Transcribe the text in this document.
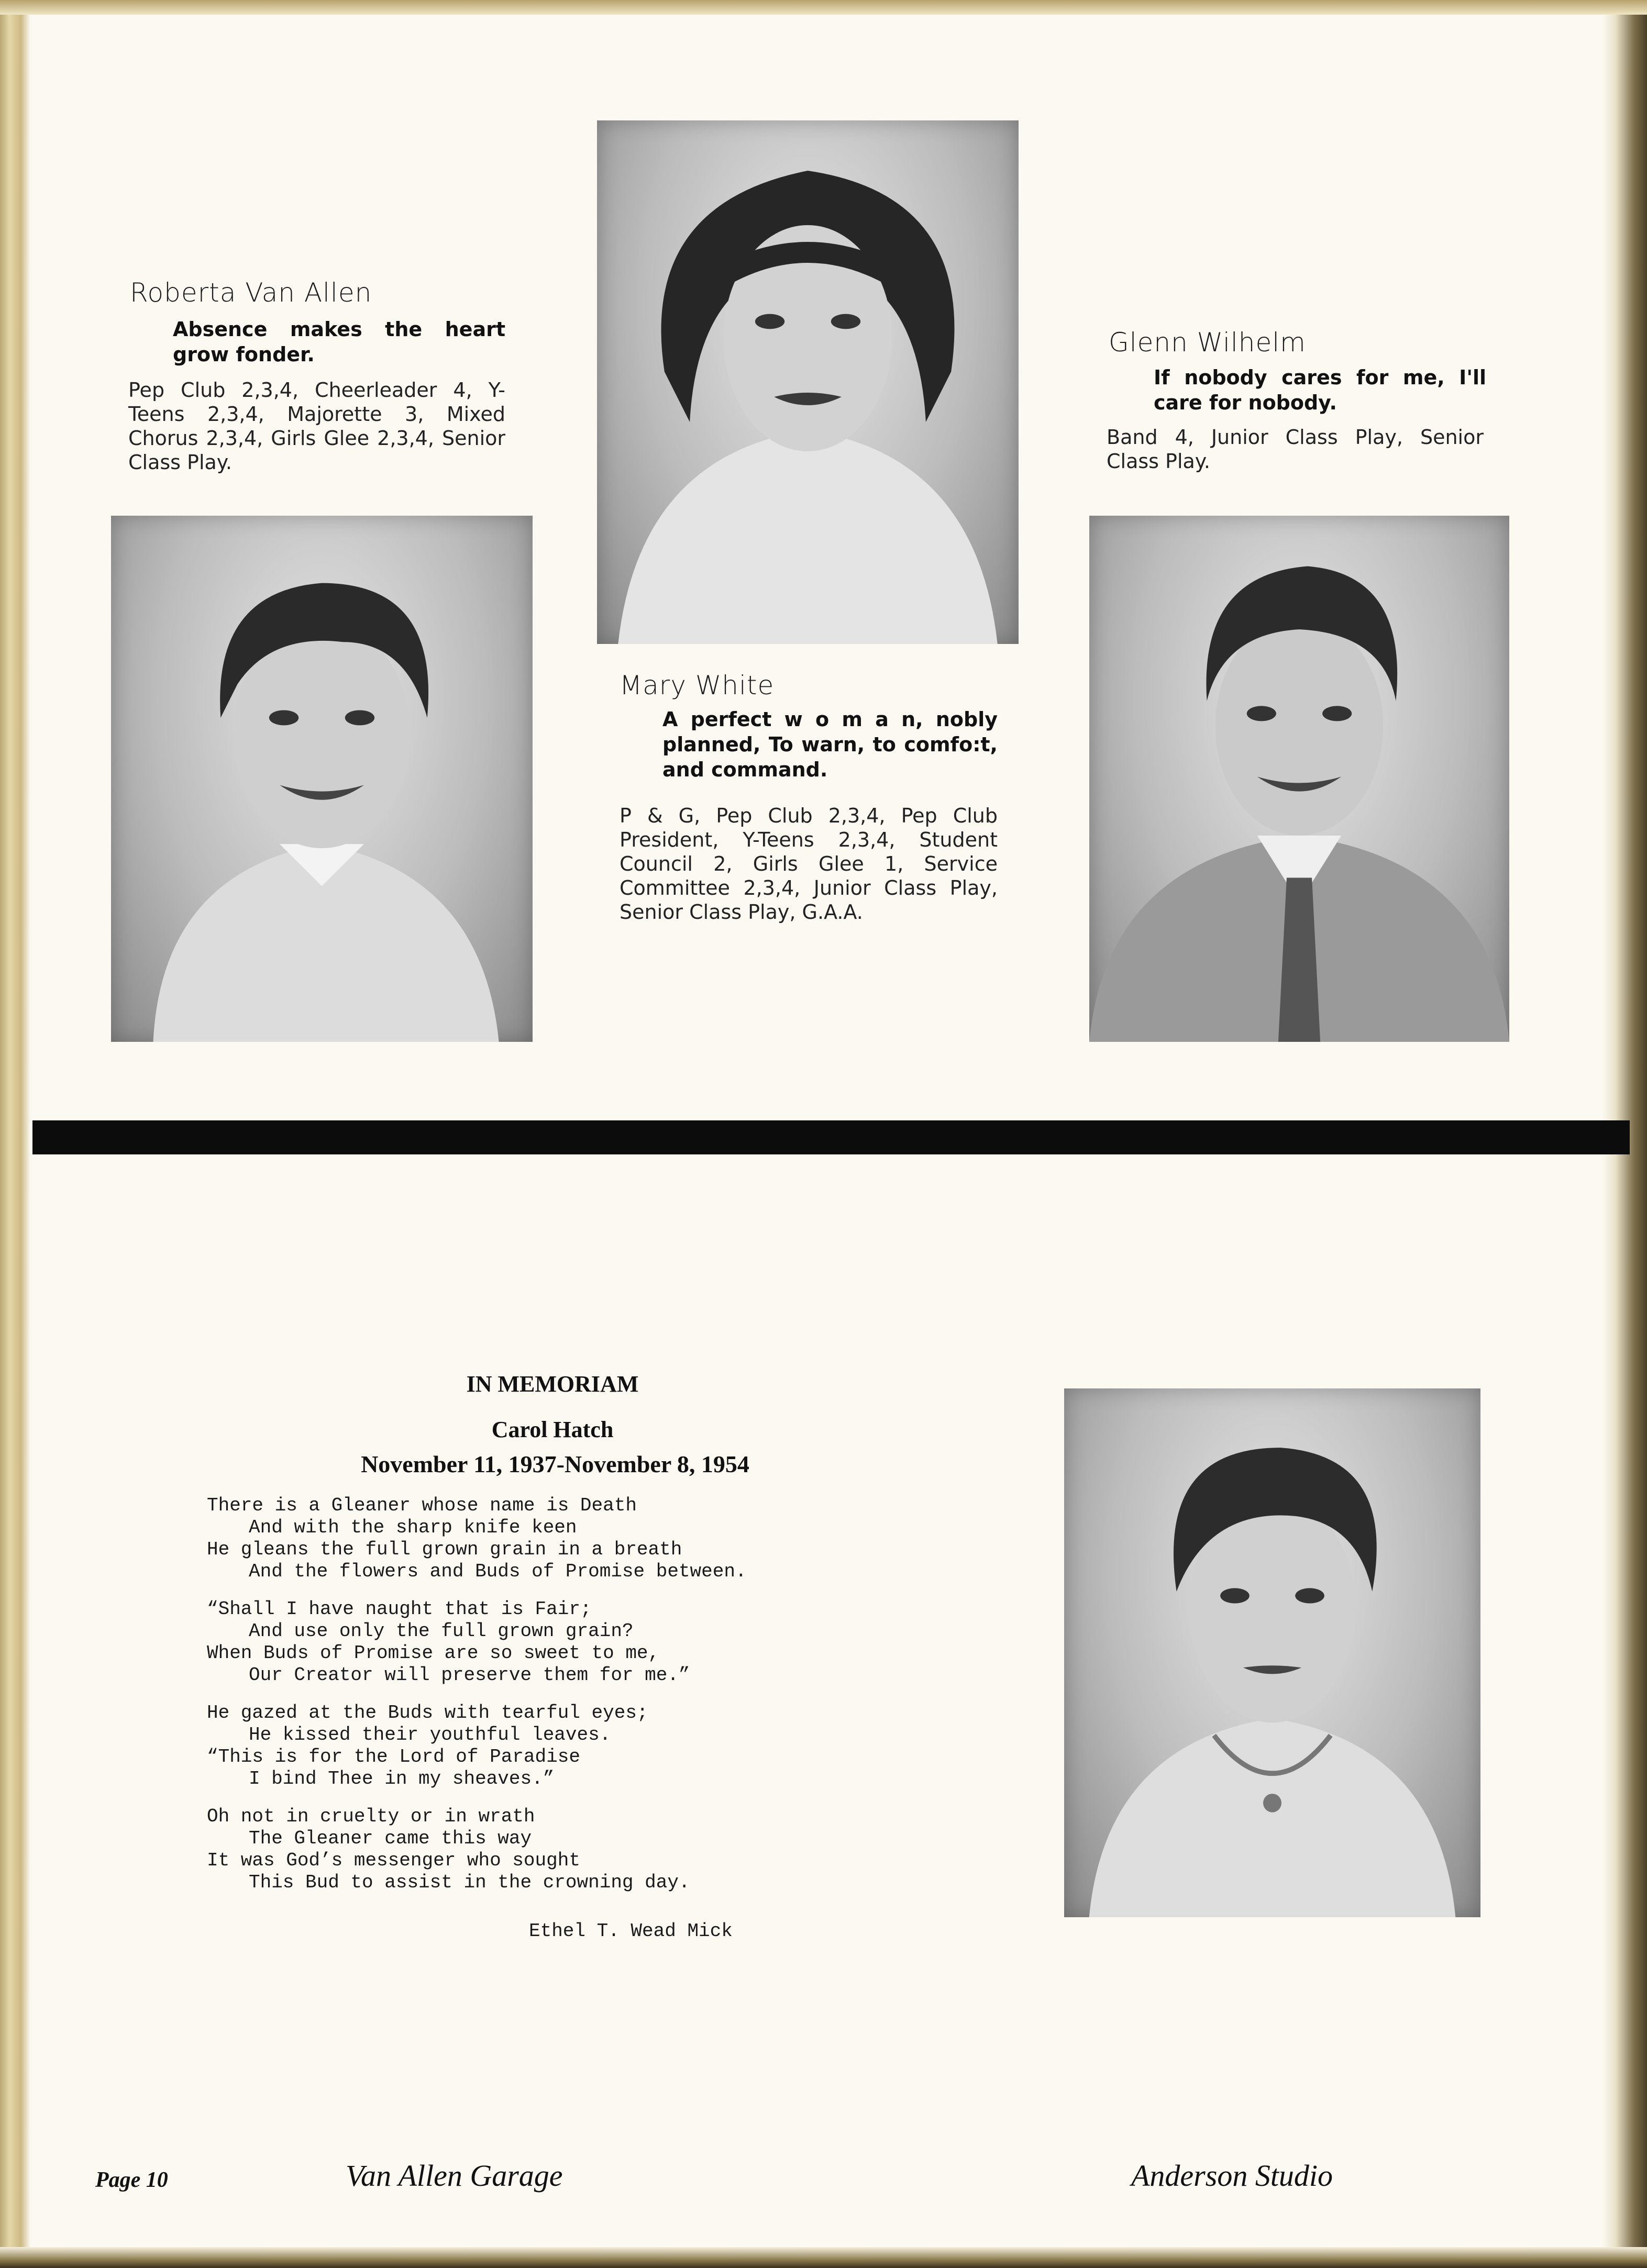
Roberta Van Allen
Absence makes the heart grow fonder.
Pep Club 2,3,4, Cheerleader 4, Y-Teens 2,3,4, Majorette 3, Mixed Chorus 2,3,4, Girls Glee 2,3,4, Senior Class Play.
Mary White
A perfect w o m a n, nobly planned, To warn, to comfo:t, and command.
P & G, Pep Club 2,3,4, Pep Club President, Y-Teens 2,3,4, Student Council 2, Girls Glee 1, Service Committee 2,3,4, Junior Class Play, Senior Class Play, G.A.A.
Glenn Wilhelm
If nobody cares for me, I'll care for nobody.
Band 4, Junior Class Play, Senior Class Play.
IN MEMORIAM
Carol Hatch
November 11, 1937-November 8, 1954
There is a Gleaner whose name is Death
And with the sharp knife keen
He gleans the full grown grain in a breath
And the flowers and Buds of Promise between.
“Shall I have naught that is Fair;
And use only the full grown grain?
When Buds of Promise are so sweet to me,
Our Creator will preserve them for me.”
He gazed at the Buds with tearful eyes;
He kissed their youthful leaves.
“This is for the Lord of Paradise
I bind Thee in my sheaves.”
Oh not in cruelty or in wrath
The Gleaner came this way
It was God’s messenger who sought
This Bud to assist in the crowning day.
Ethel T. Wead Mick
Page 10	Van Allen Garage	Anderson Studio
